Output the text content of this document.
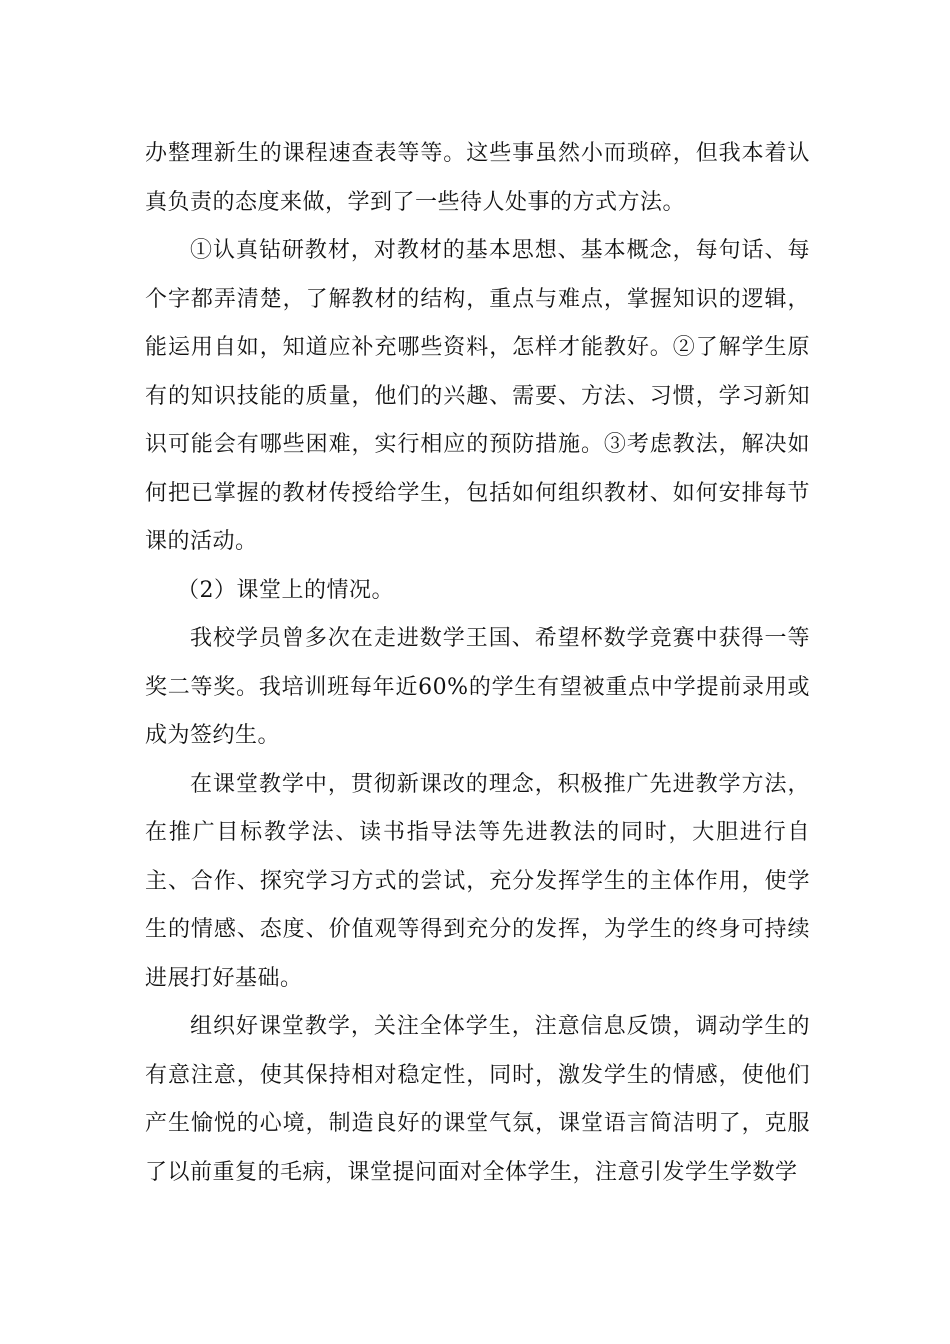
办整理新生的课程速查表等等。这些事虽然小而琐碎，但我本着认真负责的态度来做，学到了一些待人处事的方式方法。

①认真钻研教材，对教材的基本思想、基本概念，每句话、每个字都弄清楚，了解教材的结构，重点与难点，掌握知识的逻辑，能运用自如，知道应补充哪些资料，怎样才能教好。②了解学生原有的知识技能的质量，他们的兴趣、需要、方法、习惯，学习新知识可能会有哪些困难，实行相应的预防措施。③考虑教法，解决如何把已掌握的教材传授给学生，包括如何组织教材、如何安排每节课的活动。

（2）课堂上的情况。

我校学员曾多次在走进数学王国、希望杯数学竞赛中获得一等奖二等奖。我培训班每年近60%的学生有望被重点中学提前录用或成为签约生。

在课堂教学中，贯彻新课改的理念，积极推广先进教学方法，在推广目标教学法、读书指导法等先进教法的同时，大胆进行自主、合作、探究学习方式的尝试，充分发挥学生的主体作用，使学生的情感、态度、价值观等得到充分的发挥，为学生的终身可持续进展打好基础。

组织好课堂教学，关注全体学生，注意信息反馈，调动学生的有意注意，使其保持相对稳定性，同时，激发学生的情感，使他们产生愉悦的心境，制造良好的课堂气氛，课堂语言简洁明了，克服了以前重复的毛病，课堂提问面对全体学生，注意引发学生学数学
